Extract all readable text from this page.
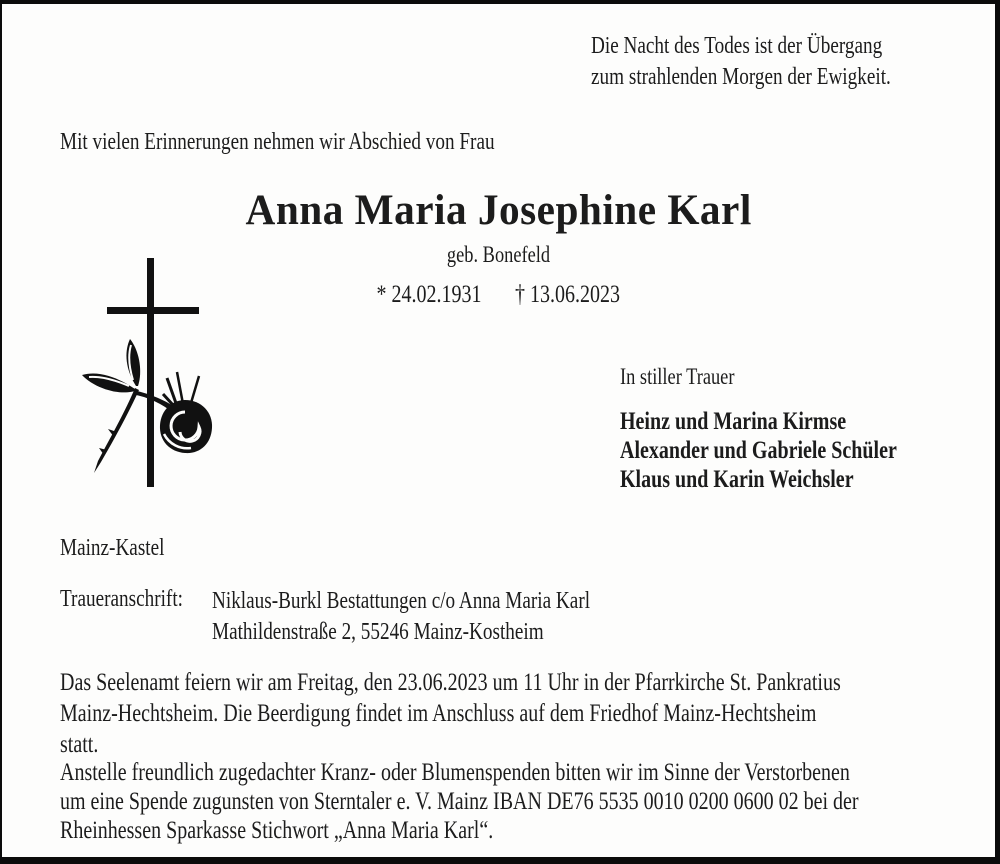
Die Nacht des Todes ist der Übergang
zum strahlenden Morgen der Ewigkeit.
Mit vielen Erinnerungen nehmen wir Abschied von Frau
Anna Maria Josephine Karl
geb. Bonefeld
* 24.02.1931 † 13.06.2023
In stiller Trauer
Heinz und Marina Kirmse
Alexander und Gabriele Schüler
Klaus und Karin Weichsler
Mainz-Kastel
Traueranschrift: Niklaus-Burkl Bestattungen c/o Anna Maria Karl
Mathildenstraße 2, 55246 Mainz-Kostheim
Das Seelenamt feiern wir am Freitag, den 23.06.2023 um 11 Uhr in der Pfarrkirche St. Pankratius
Mainz-Hechtsheim. Die Beerdigung findet im Anschluss auf dem Friedhof Mainz-Hechtsheim
statt.
Anstelle freundlich zugedachter Kranz- oder Blumenspenden bitten wir im Sinne der Verstorbenen
um eine Spende zugunsten von Sterntaler e. V. Mainz IBAN DE76 5535 0010 0200 0600 02 bei der
Rheinhessen Sparkasse Stichwort „Anna Maria Karl“.
